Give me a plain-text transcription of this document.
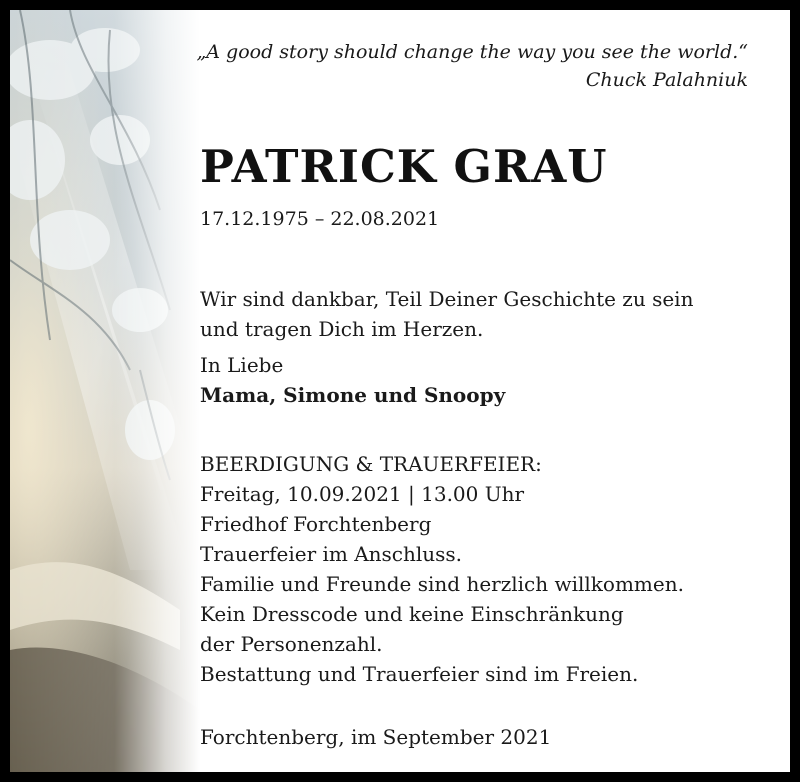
„A good story should change the way you see the world.“
Chuck Palahniuk
PATRICK GRAU
17.12.1975 – 22.08.2021
Wir sind dankbar, Teil Deiner Geschichte zu sein
und tragen Dich im Herzen.
In Liebe
Mama, Simone und Snoopy
BEERDIGUNG & TRAUERFEIER:
Freitag, 10.09.2021 | 13.00 Uhr
Friedhof Forchtenberg
Trauerfeier im Anschluss.
Familie und Freunde sind herzlich willkommen.
Kein Dresscode und keine Einschränkung
der Personenzahl.
Bestattung und Trauerfeier sind im Freien.
Forchtenberg, im September 2021
